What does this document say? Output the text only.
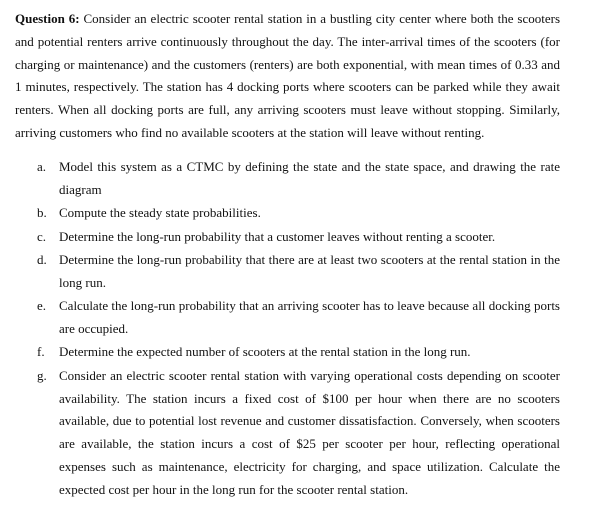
Question 6: Consider an electric scooter rental station in a bustling city center where both the scooters and potential renters arrive continuously throughout the day. The inter-arrival times of the scooters (for charging or maintenance) and the customers (renters) are both exponential, with mean times of 0.33 and 1 minutes, respectively. The station has 4 docking ports where scooters can be parked while they await renters. When all docking ports are full, any arriving scooters must leave without stopping. Similarly, arriving customers who find no available scooters at the station will leave without renting.

a. Model this system as a CTMC by defining the state and the state space, and drawing the rate diagram
b. Compute the steady state probabilities.
c. Determine the long-run probability that a customer leaves without renting a scooter.
d. Determine the long-run probability that there are at least two scooters at the rental station in the long run.
e. Calculate the long-run probability that an arriving scooter has to leave because all docking ports are occupied.
f. Determine the expected number of scooters at the rental station in the long run.
g. Consider an electric scooter rental station with varying operational costs depending on scooter availability. The station incurs a fixed cost of $100 per hour when there are no scooters available, due to potential lost revenue and customer dissatisfaction. Conversely, when scooters are available, the station incurs a cost of $25 per scooter per hour, reflecting operational expenses such as maintenance, electricity for charging, and space utilization. Calculate the expected cost per hour in the long run for the scooter rental station.
